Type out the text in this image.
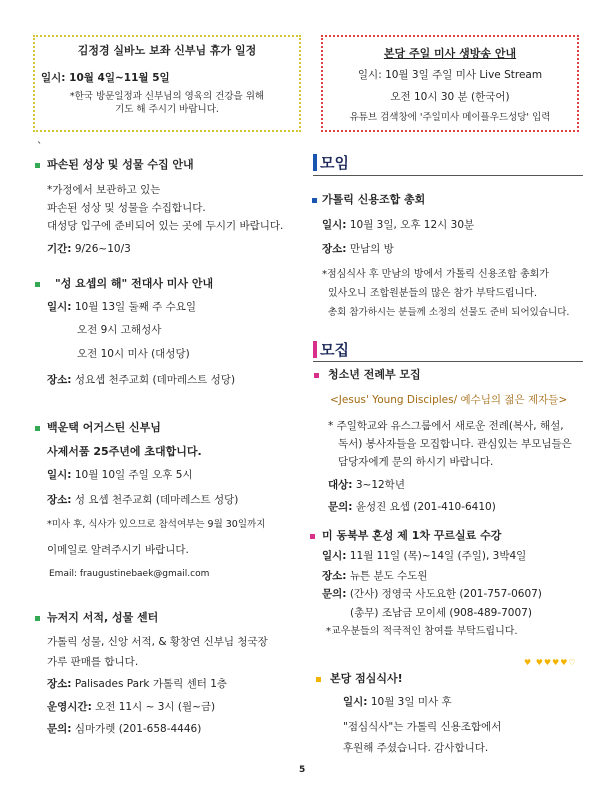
김정경 실바노 보좌 신부님 휴가 일정
일시: 10월 4일~11월 5일
*한국 방문일정과 신부님의 영육의 건강을 위해
기도 해 주시기 바랍니다.
본당 주일 미사 생방송 안내
일시: 10월 3일 주일 미사 Live Stream
오전 10시 30 분 (한국어)
유튜브 검색창에 '주일미사 메이플우드성당' 입력
`
파손된 성상 및 성물 수집 안내
*가정에서 보관하고 있는
파손된 성상 및 성물을 수집합니다.
대성당 입구에 준비되어 있는 곳에 두시기 바랍니다.
기간: 9/26~10/3
"성 요셉의 해" 전대사 미사 안내
일시: 10월 13일 둘째 주 수요일
오전 9시 고해성사
오전 10시 미사 (대성당)
장소: 성요셉 천주교회 (데마레스트 성당)
백운택 어거스틴 신부님
사제서품 25주년에 초대합니다.
일시: 10월 10일 주일 오후 5시
장소: 성 요셉 천주교회 (데마레스트 성당)
*미사 후, 식사가 있으므로 참석여부는 9월 30일까지
이메일로 알려주시기 바랍니다.
Email: fraugustinebaek@gmail.com
뉴저지 서적, 성물 센터
가톨릭 성물, 신앙 서적, & 황창연 신부님 청국장
가루 판매를 합니다.
장소: Palisades Park 가톨릭 센터 1층
운영시간: 오전 11시 ~ 3시 (월~금)
문의: 심마가렛 (201-658-4446)
모임
가톨릭 신용조합 총회
일시: 10월 3일, 오후 12시 30분
장소: 만남의 방
*점심식사 후 만남의 방에서 가톨릭 신용조합 총회가
있사오니 조합원분들의 많은 참가 부탁드립니다.
총회 참가하시는 분들께 소정의 선물도 준비 되어있습니다.
모집
청소년 전례부 모집
<Jesus' Young Disciples/ 예수님의 젊은 제자들>
* 주일학교와 유스그룹에서 새로운 전례(복사, 해설,
독서) 봉사자들을 모집합니다. 관심있는 부모님들은
담당자에게 문의 하시기 바랍니다.
대상: 3~12학년
문의: 윤성진 요셉 (201-410-6410)
미 동북부 혼성 제 1차 꾸르실료 수강
일시: 11월 11일 (목)~14일 (주일), 3박4일
장소: 뉴튼 분도 수도원
문의: (간사) 정영국 사도요한 (201-757-0607)
(총무) 조남금 모이세 (908-489-7007)
*교우분들의 적극적인 참여를 부탁드립니다.
♥ ♥♥♥♥♡
본당 점심식사!
일시: 10월 3일 미사 후
"점심식사"는 가톨릭 신용조합에서
후원해 주셨습니다. 감사합니다.
5
